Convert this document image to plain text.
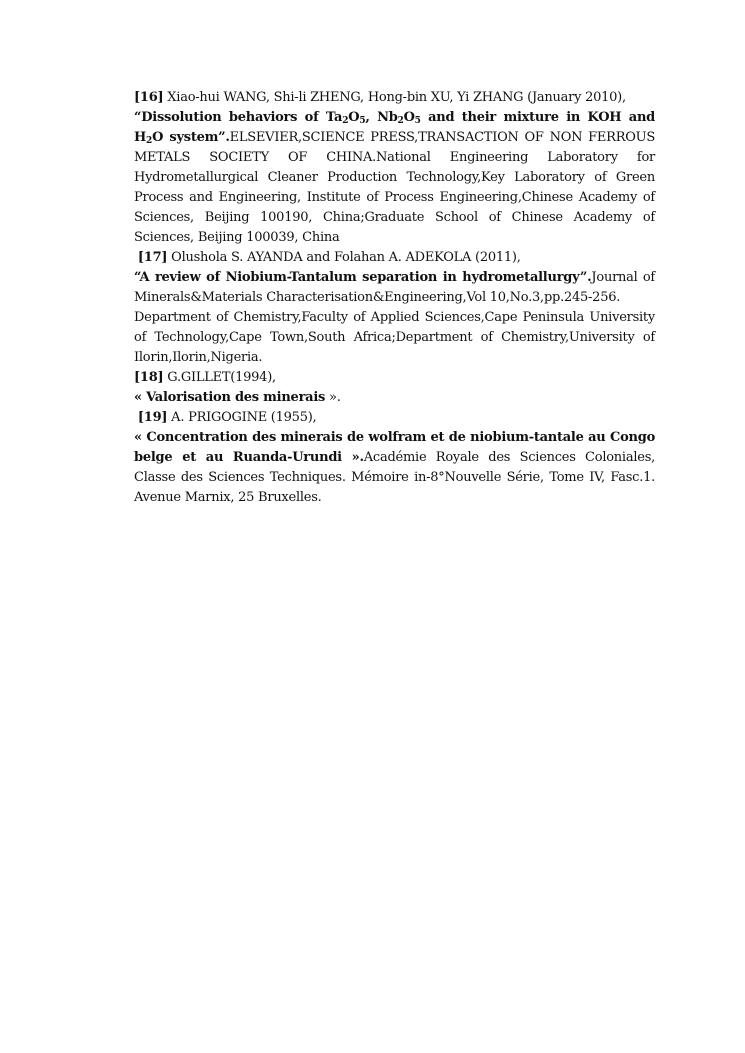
[16] Xiao-hui WANG, Shi-li ZHENG, Hong-bin XU, Yi ZHANG (January 2010),

“Dissolution behaviors of $Ta_2O_5$, $Nb_2O_5$ and their mixture in KOH and $H_2O$ system”.ELSEVIER,SCIENCE PRESS,TRANSACTION OF NON FERROUS METALS SOCIETY OF CHINA.National Engineering Laboratory for Hydrometallurgical Cleaner Production Technology,Key Laboratory of Green Process and Engineering, Institute of Process Engineering,Chinese Academy of Sciences, Beijing 100190, China;Graduate School of Chinese Academy of Sciences, Beijing 100039, China

[17] Olushola S. AYANDA and Folahan A. ADEKOLA (2011),

“A review of Niobium-Tantalum separation in hydrometallurgy”.Journal of Minerals&Materials Characterisation&Engineering,Vol 10,No.3,pp.245-256.

Department of Chemistry,Faculty of Applied Sciences,Cape Peninsula University of Technology,Cape Town,South Africa;Department of Chemistry,University of Ilorin,Ilorin,Nigeria.

[18] G.GILLET(1994),

« Valorisation des minerais ».

[19] A. PRIGOGINE (1955),

« Concentration des minerais de wolfram et de niobium-tantale au Congo belge et au Ruanda-Urundi ».Académie Royale des Sciences Coloniales, Classe des Sciences Techniques. Mémoire in-8°Nouvelle Série, Tome IV, Fasc.1. Avenue Marnix, 25 Bruxelles.
